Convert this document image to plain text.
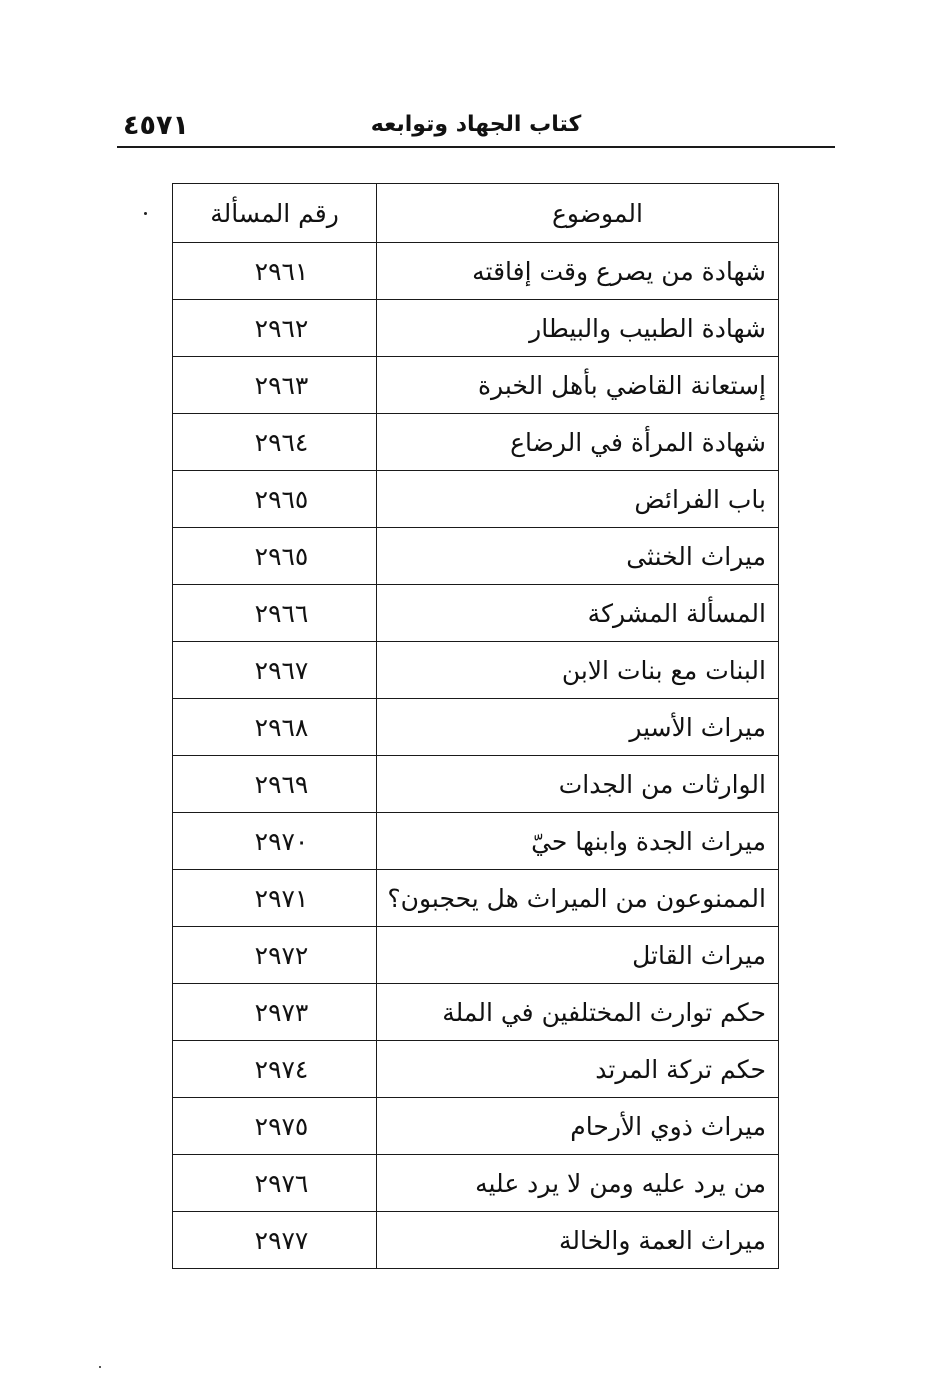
٤٥٧١	كتاب الجهاد وتوابعه
الموضوع	رقم المسألة
شهادة من يصرع وقت إفاقته	٢٩٦١
شهادة الطبيب والبيطار	٢٩٦٢
إستعانة القاضي بأهل الخبرة	٢٩٦٣
شهادة المرأة في الرضاع	٢٩٦٤
باب الفرائض	٢٩٦٥
ميراث الخنثى	٢٩٦٥
المسألة المشركة	٢٩٦٦
البنات مع بنات الابن	٢٩٦٧
ميراث الأسير	٢٩٦٨
الوارثات من الجدات	٢٩٦٩
ميراث الجدة وابنها حيّ	٢٩٧٠
الممنوعون من الميراث هل يحجبون؟	٢٩٧١
ميراث القاتل	٢٩٧٢
حكم توارث المختلفين في الملة	٢٩٧٣
حكم تركة المرتد	٢٩٧٤
ميراث ذوي الأرحام	٢٩٧٥
من يرد عليه ومن لا يرد عليه	٢٩٧٦
ميراث العمة والخالة	٢٩٧٧
